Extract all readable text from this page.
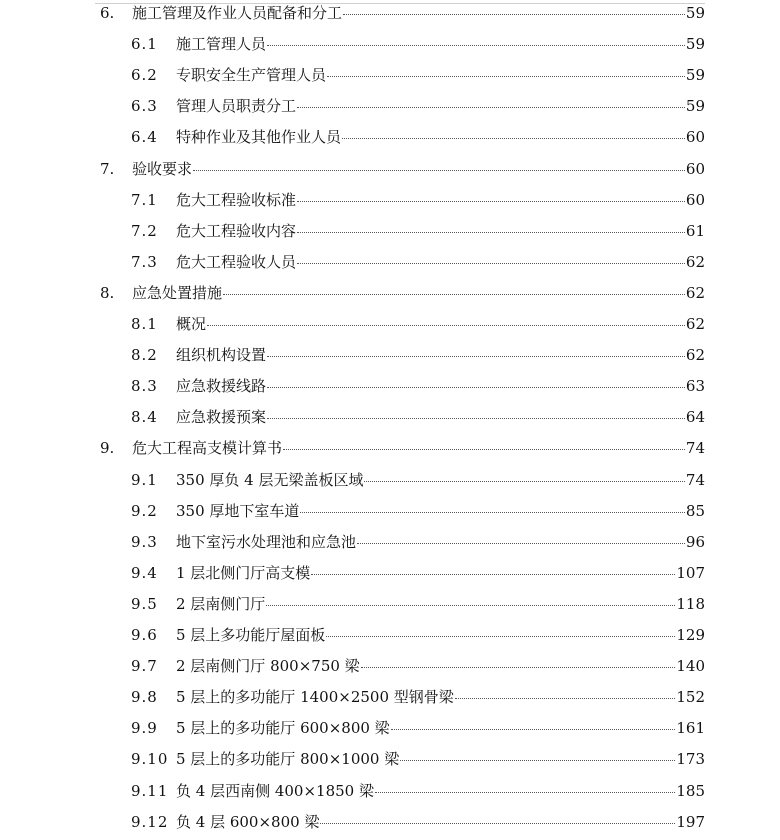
6.	施工管理及作业人员配备和分工	59
6.1	施工管理人员	59
6.2	专职安全生产管理人员	59
6.3	管理人员职责分工	59
6.4	特种作业及其他作业人员	60
7.	验收要求	60
7.1	危大工程验收标准	60
7.2	危大工程验收内容	61
7.3	危大工程验收人员	62
8.	应急处置措施	62
8.1	概况	62
8.2	组织机构设置	62
8.3	应急救援线路	63
8.4	应急救援预案	64
9.	危大工程高支模计算书	74
9.1	350 厚负 4 层无梁盖板区域	74
9.2	350 厚地下室车道	85
9.3	地下室污水处理池和应急池	96
9.4	1 层北侧门厅高支模	107
9.5	2 层南侧门厅	118
9.6	5 层上多功能厅屋面板	129
9.7	2 层南侧门厅 800×750 梁	140
9.8	5 层上的多功能厅 1400×2500 型钢骨梁	152
9.9	5 层上的多功能厅 600×800 梁	161
9.10 5 层上的多功能厅 800×1000 梁	173
9.11 负 4 层西南侧 400×1850 梁	185
9.12 负 4 层 600×800 梁	197
